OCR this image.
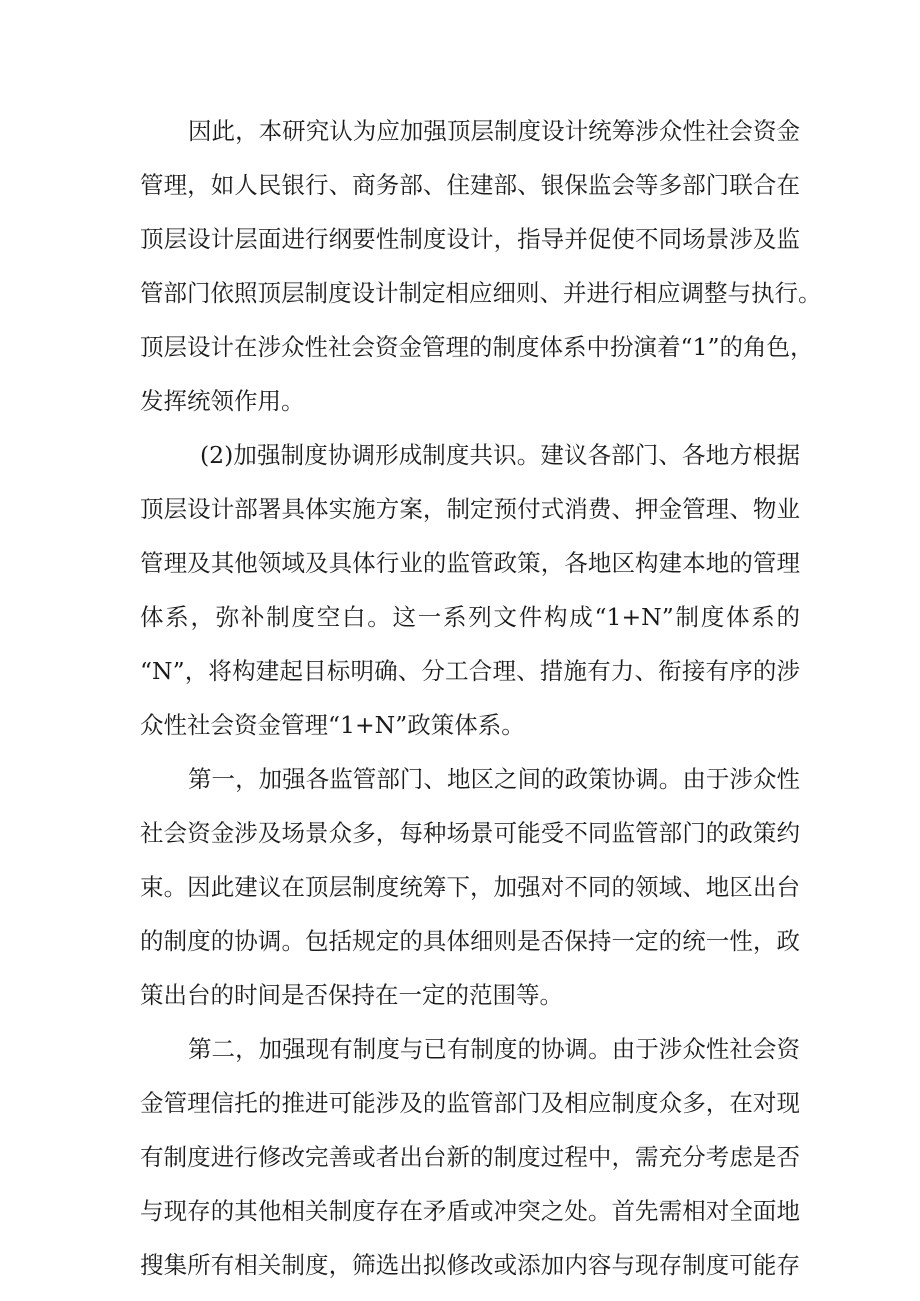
因此，本研究认为应加强顶层制度设计统筹涉众性社会资金
管理，如人民银行、商务部、住建部、银保监会等多部门联合在
顶层设计层面进行纲要性制度设计，指导并促使不同场景涉及监
管部门依照顶层制度设计制定相应细则、并进行相应调整与执行。
顶层设计在涉众性社会资金管理的制度体系中扮演着“1”的角色，
发挥统领作用。
(2)加强制度协调形成制度共识。建议各部门、各地方根据
顶层设计部署具体实施方案，制定预付式消费、押金管理、物业
管理及其他领域及具体行业的监管政策，各地区构建本地的管理
体系，弥补制度空白。这一系列文件构成“1+N”制度体系的
“N”，将构建起目标明确、分工合理、措施有力、衔接有序的涉
众性社会资金管理“1+N”政策体系。
第一，加强各监管部门、地区之间的政策协调。由于涉众性
社会资金涉及场景众多，每种场景可能受不同监管部门的政策约
束。因此建议在顶层制度统筹下，加强对不同的领域、地区出台
的制度的协调。包括规定的具体细则是否保持一定的统一性，政
策出台的时间是否保持在一定的范围等。
第二，加强现有制度与已有制度的协调。由于涉众性社会资
金管理信托的推进可能涉及的监管部门及相应制度众多，在对现
有制度进行修改完善或者出台新的制度过程中，需充分考虑是否
与现存的其他相关制度存在矛盾或冲突之处。首先需相对全面地
搜集所有相关制度，筛选出拟修改或添加内容与现存制度可能存
